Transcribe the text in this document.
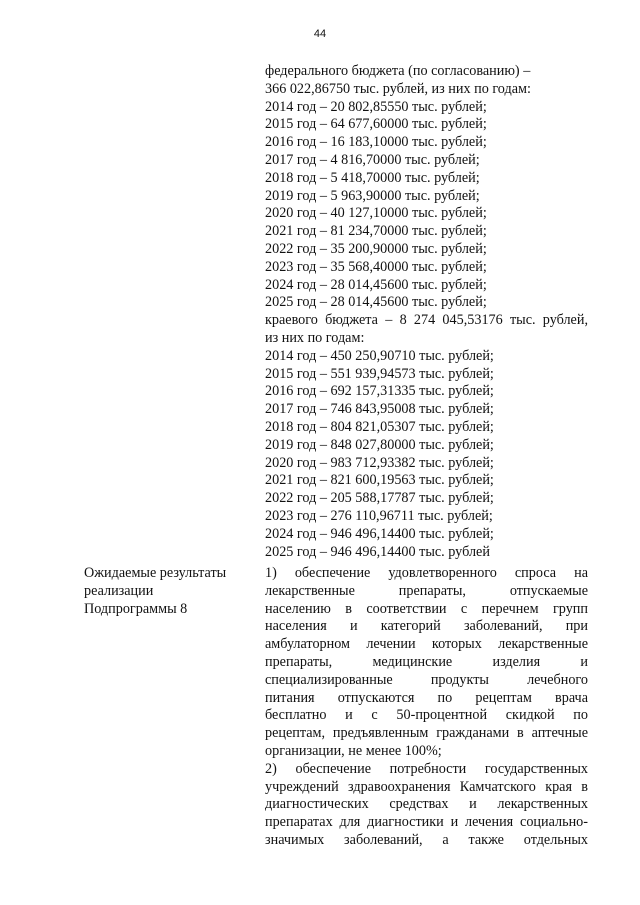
44
федерального бюджета (по согласованию) –
366 022,86750 тыс. рублей, из них по годам:
2014 год – 20 802,85550 тыс. рублей;
2015 год – 64 677,60000 тыс. рублей;
2016 год – 16 183,10000 тыс. рублей;
2017 год – 4 816,70000 тыс. рублей;
2018 год – 5 418,70000 тыс. рублей;
2019 год – 5 963,90000 тыс. рублей;
2020 год – 40 127,10000 тыс. рублей;
2021 год – 81 234,70000 тыс. рублей;
2022 год – 35 200,90000 тыс. рублей;
2023 год – 35 568,40000 тыс. рублей;
2024 год – 28 014,45600 тыс. рублей;
2025 год – 28 014,45600 тыс. рублей;
краевого бюджета – 8 274 045,53176 тыс. рублей,
из них по годам:
2014 год – 450 250,90710 тыс. рублей;
2015 год – 551 939,94573 тыс. рублей;
2016 год – 692 157,31335 тыс. рублей;
2017 год – 746 843,95008 тыс. рублей;
2018 год – 804 821,05307 тыс. рублей;
2019 год – 848 027,80000 тыс. рублей;
2020 год – 983 712,93382 тыс. рублей;
2021 год – 821 600,19563 тыс. рублей;
2022 год – 205 588,17787 тыс. рублей;
2023 год – 276 110,96711 тыс. рублей;
2024 год – 946 496,14400 тыс. рублей;
2025 год – 946 496,14400 тыс. рублей
Ожидаемые результаты
реализации
Подпрограммы 8
1) обеспечение удовлетворенного спроса на
лекарственные препараты, отпускаемые
населению в соответствии с перечнем групп
населения и категорий заболеваний, при
амбулаторном лечении которых лекарственные
препараты, медицинские изделия и
специализированные продукты лечебного
питания отпускаются по рецептам врача
бесплатно и с 50-процентной скидкой по
рецептам, предъявленным гражданами в аптечные
организации, не менее 100%;
2) обеспечение потребности государственных
учреждений здравоохранения Камчатского края в
диагностических средствах и лекарственных
препаратах для диагностики и лечения социально-
значимых заболеваний, а также отдельных
